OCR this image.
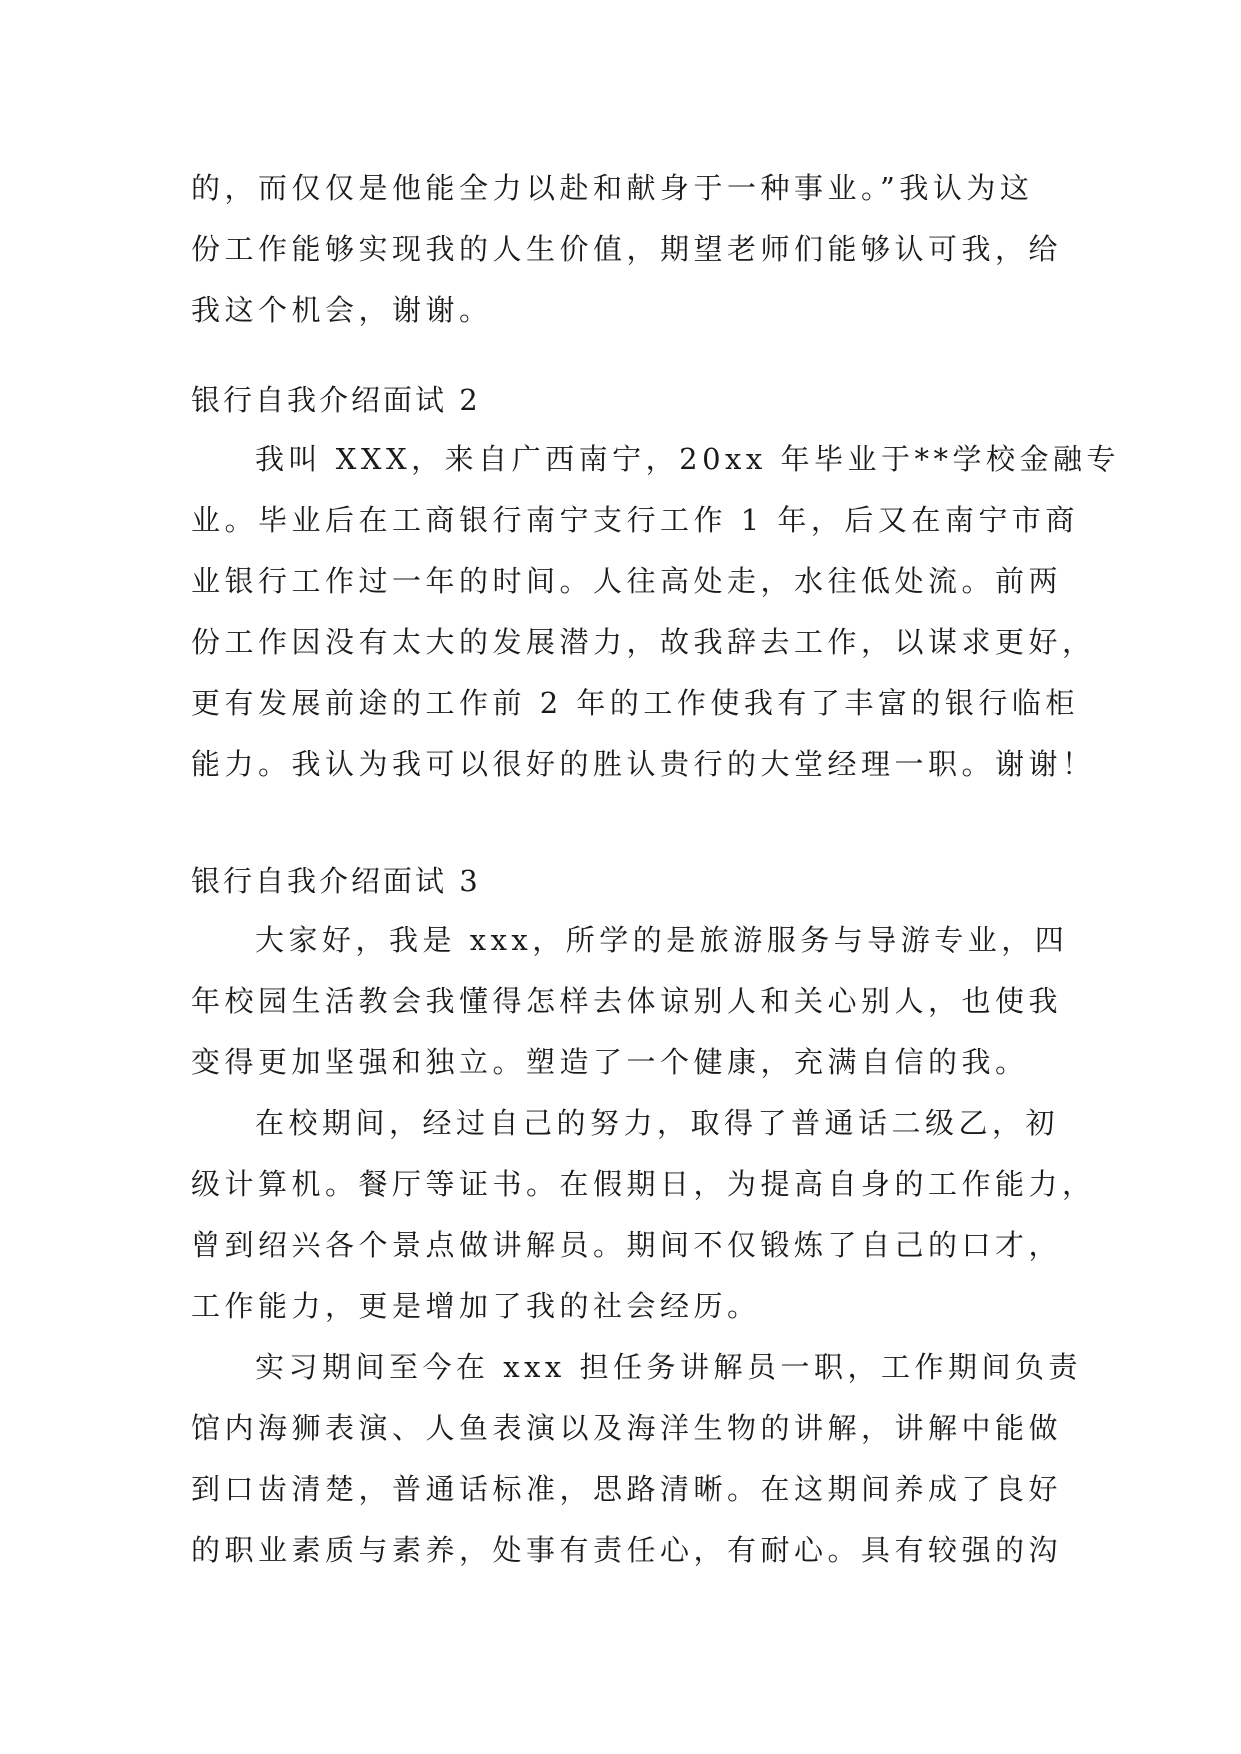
的，而仅仅是他能全力以赴和献身于一种事业。”我认为这
份工作能够实现我的人生价值，期望老师们能够认可我，给
我这个机会，谢谢。
银行自我介绍面试 2
我叫 XXX，来自广西南宁，20xx 年毕业于**学校金融专
业。毕业后在工商银行南宁支行工作 1 年，后又在南宁市商
业银行工作过一年的时间。人往高处走，水往低处流。前两
份工作因没有太大的发展潜力，故我辞去工作，以谋求更好，
更有发展前途的工作前 2 年的工作使我有了丰富的银行临柜
能力。我认为我可以很好的胜认贵行的大堂经理一职。谢谢！
银行自我介绍面试 3
大家好，我是 xxx，所学的是旅游服务与导游专业，四
年校园生活教会我懂得怎样去体谅别人和关心别人，也使我
变得更加坚强和独立。塑造了一个健康，充满自信的我。
在校期间，经过自己的努力，取得了普通话二级乙，初
级计算机。餐厅等证书。在假期日，为提高自身的工作能力，
曾到绍兴各个景点做讲解员。期间不仅锻炼了自己的口才，
工作能力，更是增加了我的社会经历。
实习期间至今在 xxx 担任务讲解员一职，工作期间负责
馆内海狮表演、人鱼表演以及海洋生物的讲解，讲解中能做
到口齿清楚，普通话标准，思路清晰。在这期间养成了良好
的职业素质与素养，处事有责任心，有耐心。具有较强的沟
